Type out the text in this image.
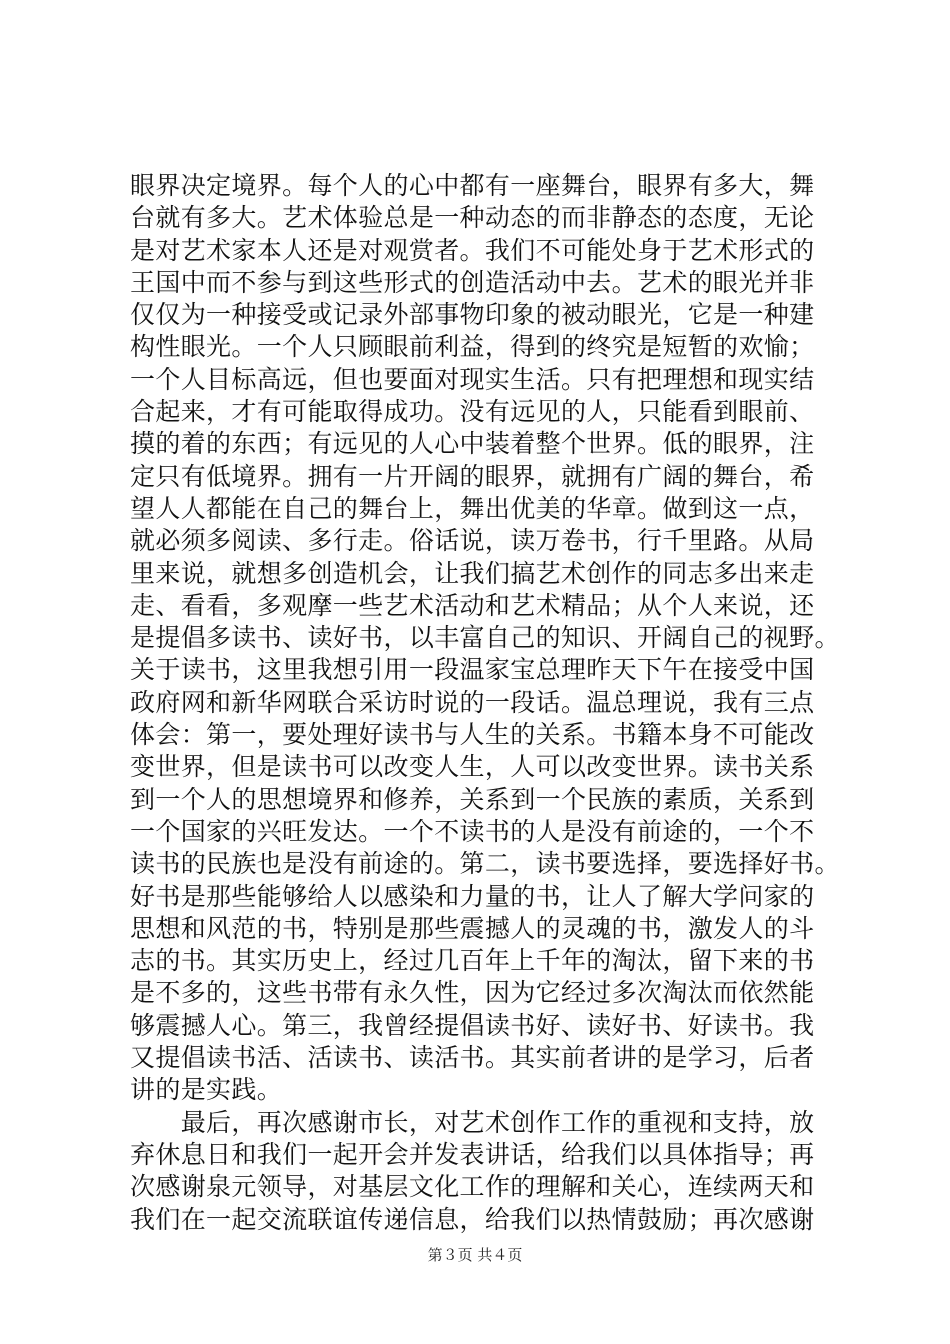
眼界决定境界。每个人的心中都有一座舞台，眼界有多大，舞
台就有多大。艺术体验总是一种动态的而非静态的态度，无论
是对艺术家本人还是对观赏者。我们不可能处身于艺术形式的
王国中而不参与到这些形式的创造活动中去。艺术的眼光并非
仅仅为一种接受或记录外部事物印象的被动眼光，它是一种建
构性眼光。一个人只顾眼前利益，得到的终究是短暂的欢愉；
一个人目标高远，但也要面对现实生活。只有把理想和现实结
合起来，才有可能取得成功。没有远见的人，只能看到眼前、
摸的着的东西；有远见的人心中装着整个世界。低的眼界，注
定只有低境界。拥有一片开阔的眼界，就拥有广阔的舞台，希
望人人都能在自己的舞台上，舞出优美的华章。做到这一点，
就必须多阅读、多行走。俗话说，读万卷书，行千里路。从局
里来说，就想多创造机会，让我们搞艺术创作的同志多出来走
走、看看，多观摩一些艺术活动和艺术精品；从个人来说，还
是提倡多读书、读好书，以丰富自己的知识、开阔自己的视野。
关于读书，这里我想引用一段温家宝总理昨天下午在接受中国
政府网和新华网联合采访时说的一段话。温总理说，我有三点
体会：第一，要处理好读书与人生的关系。书籍本身不可能改
变世界，但是读书可以改变人生，人可以改变世界。读书关系
到一个人的思想境界和修养，关系到一个民族的素质，关系到
一个国家的兴旺发达。一个不读书的人是没有前途的，一个不
读书的民族也是没有前途的。第二，读书要选择，要选择好书。
好书是那些能够给人以感染和力量的书，让人了解大学问家的
思想和风范的书，特别是那些震撼人的灵魂的书，激发人的斗
志的书。其实历史上，经过几百年上千年的淘汰，留下来的书
是不多的，这些书带有永久性，因为它经过多次淘汰而依然能
够震撼人心。第三，我曾经提倡读书好、读好书、好读书。我
又提倡读书活、活读书、读活书。其实前者讲的是学习，后者
讲的是实践。
　　最后，再次感谢市长，对艺术创作工作的重视和支持，放
弃休息日和我们一起开会并发表讲话，给我们以具体指导；再
次感谢泉元领导，对基层文化工作的理解和关心，连续两天和
我们在一起交流联谊传递信息，给我们以热情鼓励；再次感谢
第３页 共４页
